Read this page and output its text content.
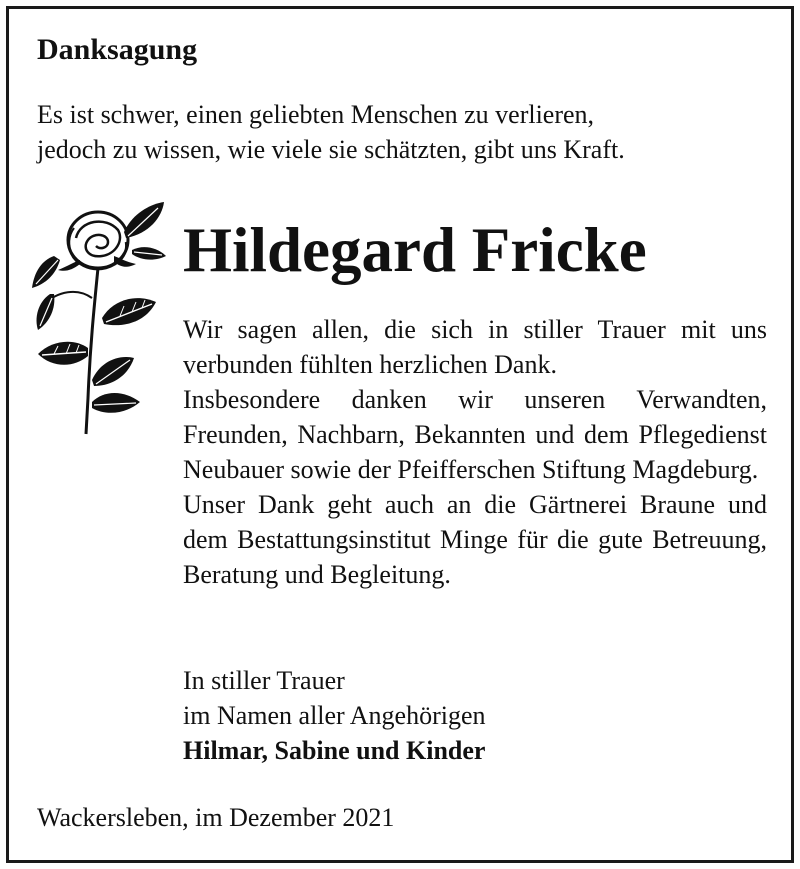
Danksagung
Es ist schwer, einen geliebten Menschen zu verlieren,
jedoch zu wissen, wie viele sie schätzten, gibt uns Kraft.
Hildegard Fricke

Wir sagen allen, die sich in stiller Trauer mit uns verbunden fühlten herzlichen Dank.

Insbesondere danken wir unseren Verwandten, Freunden, Nachbarn, Bekannten und dem Pflegedienst Neubauer sowie der Pfeifferschen Stiftung Magdeburg.

Unser Dank geht auch an die Gärtnerei Braune und dem Bestattungsinstitut Minge für die gute Betreuung, Beratung und Begleitung.

In stiller Trauer
im Namen aller Angehörigen
Hilmar, Sabine und Kinder
Wackersleben, im Dezember 2021
